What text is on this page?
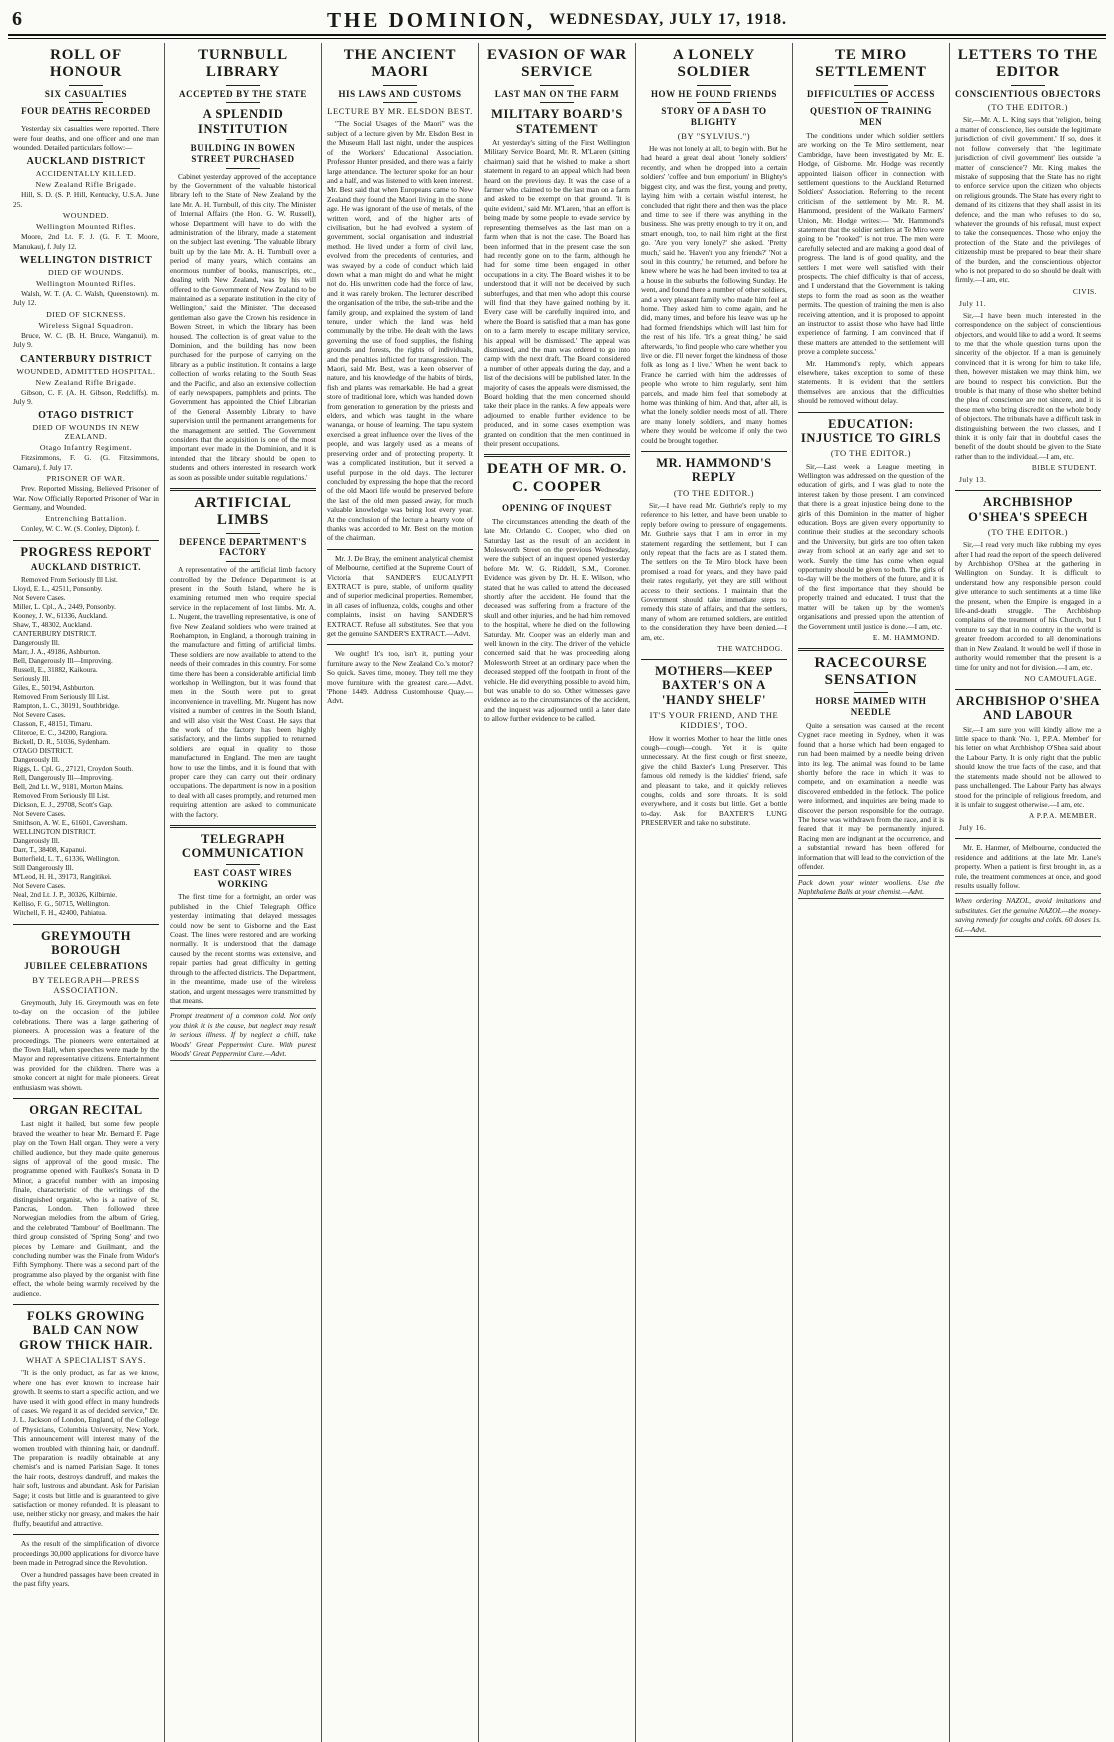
6	THE DOMINION, WEDNESDAY, JULY 17, 1918.
ROLL OF HONOUR
SIX CASUALTIES
FOUR DEATHS RECORDED

Yesterday six casualties were reported. There were four deaths, and one officer and one man wounded. Detailed particulars follow:—

AUCKLAND DISTRICT
ACCIDENTALLY KILLED.
New Zealand Rifle Brigade.

Hill, S. D. (S. P. Hill, Kentucky, U.S.A. June 25.

WOUNDED.
Wellington Mounted Rifles.

Moore, 2nd Lt. F. J. (G. F. T. Moore, Manukau), f. July 12.

WELLINGTON DISTRICT
DIED OF WOUNDS.
Wellington Mounted Rifles.

Walsh, W. T. (A. C. Walsh, Queenstown). m. July 12.

DIED OF SICKNESS.
Wireless Signal Squadron.

Bruce, W. C. (B. H. Bruce, Wanganui). m. July 9.

CANTERBURY DISTRICT
WOUNDED, ADMITTED HOSPITAL.
New Zealand Rifle Brigade.

Gibson, C. F. (A. H. Gibson, Redcliffs). m. July 9.

OTAGO DISTRICT
DIED OF WOUNDS IN NEW ZEALAND.
Otago Infantry Regiment.

Fitzsimmons, F. G. (G. Fitzsimmons, Oamaru), f. July 17.

PRISONER OF WAR.

Prev. Reported Missing, Believed Prisoner of War. Now Officially Reported Prisoner of War in Germany, and Wounded.

Entrenching Battalion.

Conley, W. C. W. (S. Conley, Dipton). f.

PROGRESS REPORT
AUCKLAND DISTRICT.

Removed From Seriously Ill List.
Lloyd, E. L., 42511, Ponsonby.
Not Severe Cases.
Miller, L. Cpl., A., 2449, Ponsonby.
Kooney, J. W., 61336, Auckland.
Shaw, T., 48302, Auckland.
CANTERBURY DISTRICT.
Dangerously Ill.
Marr, J. A., 49186, Ashburton.
Bell, Dangerously Ill—Improving.
Russell, E., 31882, Kaikoura.
Seriously Ill.
Giles, E., 50194, Ashburton.
Removed From Seriously Ill List.
Rampton, L. C., 30191, Southbridge.
Not Severe Cases.
Classon, F., 48151, Timaru.
Cliteroe, E. C., 34200, Rangiora.
Bickell, D. R., 51036, Sydenham.
OTAGO DISTRICT.
Dangerously Ill.
Riggs, L. Cpl. G., 27121, Croydon South.
Rell, Dangerously Ill—Improving.
Bell, 2nd Lt. W., 9181, Morton Mains.
Removed From Seriously Ill List.
Dickson, E. J., 29708, Scott's Gap.
Not Severe Cases.
Smithson, A. W. E., 61601, Caversham.
WELLINGTON DISTRICT.
Dangerously Ill.
Darr, T., 38408, Kapanui.
Butterfield, L. T., 61336, Wellington.
Still Dangerously Ill.
M'Leod, H. H., 39173, Rangitikei.
Not Severe Cases.
Neal, 2nd Lt. J. P., 30326, Kilbirnie.
Kelliso, F. G., 50715, Wellington.
Witchell, F. H., 42400, Pahiatua.

GREYMOUTH BOROUGH
JUBILEE CELEBRATIONS
BY TELEGRAPH—PRESS ASSOCIATION.

Greymouth, July 16. Greymouth was en fete to-day on the occasion of the jubilee celebrations. There was a large gathering of pioneers. A procession was a feature of the proceedings. The pioneers were entertained at the Town Hall, when speeches were made by the Mayor and representative citizens. Entertainment was provided for the children. There was a smoke concert at night for male pioneers. Great enthusiasm was shown.

ORGAN RECITAL

Last night it hailed, but some few people braved the weather to hear Mr. Bernard F. Page play on the Town Hall organ. They were a very chilled audience, but they made quite generous signs of approval of the good music. The programme opened with Faulkes's Sonata in D Minor, a graceful number with an imposing finale, characteristic of the writings of the distinguished organist, who is a native of St. Pancras, London. Then followed three Norwegian melodies from the album of Grieg, and the celebrated 'Tambour' of Boellmann. The third group consisted of 'Spring Song' and two pieces by Lemare and Guilmant, and the concluding number was the Finale from Widor's Fifth Symphony. There was a second part of the programme also played by the organist with fine effect, the whole being warmly received by the audience.

FOLKS GROWING BALD CAN NOW GROW THICK HAIR.
WHAT A SPECIALIST SAYS.

"It is the only product, as far as we know, where one has ever known to increase hair growth. It seems to start a specific action, and we have used it with good effect in many hundreds of cases. We regard it as of decided service," Dr. J. L. Jackson of London, England, of the College of Physicians, Columbia University, New York. This announcement will interest many of the women troubled with thinning hair, or dandruff. The preparation is readily obtainable at any chemist's and is named Parisian Sage. It tones the hair roots, destroys dandruff, and makes the hair soft, lustrous and abundant. Ask for Parisian Sage; it costs but little and is guaranteed to give satisfaction or money refunded. It is pleasant to use, neither sticky nor greasy, and makes the hair fluffy, beautiful and attractive.

As the result of the simplification of divorce proceedings 30,000 applications for divorce have been made in Petrograd since the Revolution.

Over a hundred passages have been created in the past fifty years.

TURNBULL LIBRARY
ACCEPTED BY THE STATE
A SPLENDID INSTITUTION
BUILDING IN BOWEN STREET PURCHASED

Cabinet yesterday approved of the acceptance by the Government of the valuable historical library left to the State of New Zealand by the late Mr. A. H. Turnbull, of this city. The Minister of Internal Affairs (the Hon. G. W. Russell), whose Department will have to do with the administration of the library, made a statement on the subject last evening. 'The valuable library built up by the late Mr. A. H. Turnbull over a period of many years, which contains an enormous number of books, manuscripts, etc., dealing with New Zealand, was by his will offered to the Government of New Zealand to be maintained as a separate institution in the city of Wellington,' said the Minister. 'The deceased gentleman also gave the Crown his residence in Bowen Street, in which the library has been housed. The collection is of great value to the Dominion, and the building has now been purchased for the purpose of carrying on the library as a public institution. It contains a large collection of works relating to the South Seas and the Pacific, and also an extensive collection of early newspapers, pamphlets and prints. The Government has appointed the Chief Librarian of the General Assembly Library to have supervision until the permanent arrangements for the management are settled. The Government considers that the acquisition is one of the most important ever made in the Dominion, and it is intended that the library should be open to students and others interested in research work as soon as possible under suitable regulations.'

ARTIFICIAL LIMBS
DEFENCE DEPARTMENT'S FACTORY

A representative of the artificial limb factory controlled by the Defence Department is at present in the South Island, where he is examining returned men who require special service in the replacement of lost limbs. Mr. A. L. Nugent, the travelling representative, is one of five New Zealand soldiers who were trained at Roehampton, in England, a thorough training in the manufacture and fitting of artificial limbs. These soldiers are now available to attend to the needs of their comrades in this country. For some time there has been a considerable artificial limb workshop in Wellington, but it was found that men in the South were put to great inconvenience in travelling. Mr. Nugent has now visited a number of centres in the South Island, and will also visit the West Coast. He says that the work of the factory has been highly satisfactory, and the limbs supplied to returned soldiers are equal in quality to those manufactured in England. The men are taught how to use the limbs, and it is found that with proper care they can carry out their ordinary occupations. The department is now in a position to deal with all cases promptly, and returned men requiring attention are asked to communicate with the factory.

TELEGRAPH COMMUNICATION
EAST COAST WIRES WORKING

The first time for a fortnight, an order was published in the Chief Telegraph Office yesterday intimating that delayed messages could now be sent to Gisborne and the East Coast. The lines were restored and are working normally. It is understood that the damage caused by the recent storms was extensive, and repair parties had great difficulty in getting through to the affected districts. The Department, in the meantime, made use of the wireless station, and urgent messages were transmitted by that means.

Prompt treatment of a common cold. Not only you think it is the cause, but neglect may result in serious illness. If by neglect a chill, take Woods' Great Peppermint Cure. With purest Woods' Great Peppermint Cure.—Advt.

THE ANCIENT MAORI
HIS LAWS AND CUSTOMS
LECTURE BY MR. ELSDON BEST.

"The Social Usages of the Maori" was the subject of a lecture given by Mr. Elsdon Best in the Museum Hall last night, under the auspices of the Workers' Educational Association. Professor Hunter presided, and there was a fairly large attendance. The lecturer spoke for an hour and a half, and was listened to with keen interest. Mr. Best said that when Europeans came to New Zealand they found the Maori living in the stone age. He was ignorant of the use of metals, of the written word, and of the higher arts of civilisation, but he had evolved a system of government, social organisation and industrial method. He lived under a form of civil law, evolved from the precedents of centuries, and was swayed by a code of conduct which laid down what a man might do and what he might not do. His unwritten code had the force of law, and it was rarely broken. The lecturer described the organisation of the tribe, the sub-tribe and the family group, and explained the system of land tenure, under which the land was held communally by the tribe. He dealt with the laws governing the use of food supplies, the fishing grounds and forests, the rights of individuals, and the penalties inflicted for transgression. The Maori, said Mr. Best, was a keen observer of nature, and his knowledge of the habits of birds, fish and plants was remarkable. He had a great store of traditional lore, which was handed down from generation to generation by the priests and elders, and which was taught in the whare wananga, or house of learning. The tapu system exercised a great influence over the lives of the people, and was largely used as a means of preserving order and of protecting property. It was a complicated institution, but it served a useful purpose in the old days. The lecturer concluded by expressing the hope that the record of the old Maori life would be preserved before the last of the old men passed away, for much valuable knowledge was being lost every year. At the conclusion of the lecture a hearty vote of thanks was accorded to Mr. Best on the motion of the chairman.

Mr. J. De Bray, the eminent analytical chemist of Melbourne, certified at the Supreme Court of Victoria that SANDER'S EUCALYPTI EXTRACT is pure, stable, of uniform quality and of superior medicinal properties. Remember, in all cases of influenza, colds, coughs and other complaints, insist on having SANDER'S EXTRACT. Refuse all substitutes. See that you get the genuine SANDER'S EXTRACT.—Advt.

We ought! It's too, isn't it, putting your furniture away to the New Zealand Co.'s motor? So quick. Saves time, money. They tell me they move furniture with the greatest care.—Advt. 'Phone 1449. Address Customhouse Quay.—Advt.

EVASION OF WAR SERVICE
LAST MAN ON THE FARM
MILITARY BOARD'S STATEMENT

At yesterday's sitting of the First Wellington Military Service Board, Mr. R. M'Laren (sitting chairman) said that he wished to make a short statement in regard to an appeal which had been heard on the previous day. It was the case of a farmer who claimed to be the last man on a farm and asked to be exempt on that ground. 'It is quite evident,' said Mr. M'Laren, 'that an effort is being made by some people to evade service by representing themselves as the last man on a farm when that is not the case. The Board has been informed that in the present case the son had recently gone on to the farm, although he had for some time been engaged in other occupations in a city. The Board wishes it to be understood that it will not be deceived by such subterfuges, and that men who adopt this course will find that they have gained nothing by it. Every case will be carefully inquired into, and where the Board is satisfied that a man has gone on to a farm merely to escape military service, his appeal will be dismissed.' The appeal was dismissed, and the man was ordered to go into camp with the next draft. The Board considered a number of other appeals during the day, and a list of the decisions will be published later. In the majority of cases the appeals were dismissed, the Board holding that the men concerned should take their place in the ranks. A few appeals were adjourned to enable further evidence to be produced, and in some cases exemption was granted on condition that the men continued in their present occupations.

DEATH OF MR. O. C. COOPER
OPENING OF INQUEST

The circumstances attending the death of the late Mr. Orlando C. Cooper, who died on Saturday last as the result of an accident in Molesworth Street on the previous Wednesday, were the subject of an inquest opened yesterday before Mr. W. G. Riddell, S.M., Coroner. Evidence was given by Dr. H. E. Wilson, who stated that he was called to attend the deceased shortly after the accident. He found that the deceased was suffering from a fracture of the skull and other injuries, and he had him removed to the hospital, where he died on the following Saturday. Mr. Cooper was an elderly man and well known in the city. The driver of the vehicle concerned said that he was proceeding along Molesworth Street at an ordinary pace when the deceased stepped off the footpath in front of the vehicle. He did everything possible to avoid him, but was unable to do so. Other witnesses gave evidence as to the circumstances of the accident, and the inquest was adjourned until a later date to allow further evidence to be called.

A LONELY SOLDIER
HOW HE FOUND FRIENDS
STORY OF A DASH TO BLIGHTY
(BY "SYLVIUS.")

He was not lonely at all, to begin with. But he had heard a great deal about 'lonely soldiers' recently, and when he dropped into a certain soldiers' 'coffee and bun emporium' in Blighty's biggest city, and was the first, young and pretty, laying him with a certain wistful interest, he concluded that right there and then was the place and time to see if there was anything in the business. She was pretty enough to try it on, and smart enough, too, to nail him right at the first go. 'Are you very lonely?' she asked. 'Pretty much,' said he. 'Haven't you any friends?' 'Not a soul in this country,' he returned, and before he knew where he was he had been invited to tea at a house in the suburbs the following Sunday. He went, and found there a number of other soldiers, and a very pleasant family who made him feel at home. They asked him to come again, and he did, many times, and before his leave was up he had formed friendships which will last him for the rest of his life. 'It's a great thing,' he said afterwards, 'to find people who care whether you live or die. I'll never forget the kindness of those folk as long as I live.' When he went back to France he carried with him the addresses of people who wrote to him regularly, sent him parcels, and made him feel that somebody at home was thinking of him. And that, after all, is what the lonely soldier needs most of all. There are many lonely soldiers, and many homes where they would be welcome if only the two could be brought together.

MR. HAMMOND'S REPLY
(TO THE EDITOR.)

Sir,—I have read Mr. Guthrie's reply to my reference to his letter, and have been unable to reply before owing to pressure of engagements. Mr. Guthrie says that I am in error in my statement regarding the settlement, but I can only repeat that the facts are as I stated them. The settlers on the Te Miro block have been promised a road for years, and they have paid their rates regularly, yet they are still without access to their sections. I maintain that the Government should take immediate steps to remedy this state of affairs, and that the settlers, many of whom are returned soldiers, are entitled to the consideration they have been denied.—I am, etc.

THE WATCHDOG.
MOTHERS—KEEP BAXTER'S ON A 'HANDY SHELF'
IT'S YOUR FRIEND, AND THE KIDDIES', TOO.

How it worries Mother to hear the little ones cough—cough—cough. Yet it is quite unnecessary. At the first cough or first sneeze, give the child Baxter's Lung Preserver. This famous old remedy is the kiddies' friend, safe and pleasant to take, and it quickly relieves coughs, colds and sore throats. It is sold everywhere, and it costs but little. Get a bottle to-day. Ask for BAXTER'S LUNG PRESERVER and take no substitute.

TE MIRO SETTLEMENT
DIFFICULTIES OF ACCESS
QUESTION OF TRAINING MEN

The conditions under which soldier settlers are working on the Te Miro settlement, near Cambridge, have been investigated by Mr. E. Hodge, of Gisborne. Mr. Hodge was recently appointed liaison officer in connection with settlement questions to the Auckland Returned Soldiers' Association. Referring to the recent criticism of the settlement by Mr. R. M. Hammond, president of the Waikato Farmers' Union, Mr. Hodge writes:— 'Mr. Hammond's statement that the soldier settlers at Te Miro were going to be "rooked" is not true. The men were carefully selected and are making a good deal of progress. The land is of good quality, and the settlers I met were well satisfied with their prospects. The chief difficulty is that of access, and I understand that the Government is taking steps to form the road as soon as the weather permits. The question of training the men is also receiving attention, and it is proposed to appoint an instructor to assist those who have had little experience of farming. I am convinced that if these matters are attended to the settlement will prove a complete success.'

Mr. Hammond's reply, which appears elsewhere, takes exception to some of these statements. It is evident that the settlers themselves are anxious that the difficulties should be removed without delay.

EDUCATION: INJUSTICE TO GIRLS
(TO THE EDITOR.)

Sir,—Last week a League meeting in Wellington was addressed on the question of the education of girls, and I was glad to note the interest taken by those present. I am convinced that there is a great injustice being done to the girls of this Dominion in the matter of higher education. Boys are given every opportunity to continue their studies at the secondary schools and the University, but girls are too often taken away from school at an early age and set to work. Surely the time has come when equal opportunity should be given to both. The girls of to-day will be the mothers of the future, and it is of the first importance that they should be properly trained and educated. I trust that the matter will be taken up by the women's organisations and pressed upon the attention of the Government until justice is done.—I am, etc.

E. M. HAMMOND.
RACECOURSE SENSATION
HORSE MAIMED WITH NEEDLE

Quite a sensation was caused at the recent Cygnet race meeting in Sydney, when it was found that a horse which had been engaged to run had been maimed by a needle being driven into its leg. The animal was found to be lame shortly before the race in which it was to compete, and on examination a needle was discovered embedded in the fetlock. The police were informed, and inquiries are being made to discover the person responsible for the outrage. The horse was withdrawn from the race, and it is feared that it may be permanently injured. Racing men are indignant at the occurrence, and a substantial reward has been offered for information that will lead to the conviction of the offender.

Pack down your winter woollens. Use the Naphthalene Balls at your chemist.—Advt.

LETTERS TO THE EDITOR
CONSCIENTIOUS OBJECTORS
(TO THE EDITOR.)

Sir,—Mr. A. L. King says that 'religion, being a matter of conscience, lies outside the legitimate jurisdiction of civil government.' If so, does it not follow conversely that 'the legitimate jurisdiction of civil government' lies outside 'a matter of conscience'? Mr. King makes the mistake of supposing that the State has no right to enforce service upon the citizen who objects on religious grounds. The State has every right to demand of its citizens that they shall assist in its defence, and the man who refuses to do so, whatever the grounds of his refusal, must expect to take the consequences. Those who enjoy the protection of the State and the privileges of citizenship must be prepared to bear their share of the burden, and the conscientious objector who is not prepared to do so should be dealt with firmly.—I am, etc.

CIVIS.
July 11.

Sir,—I have been much interested in the correspondence on the subject of conscientious objectors, and would like to add a word. It seems to me that the whole question turns upon the sincerity of the objector. If a man is genuinely convinced that it is wrong for him to take life, then, however mistaken we may think him, we are bound to respect his conviction. But the trouble is that many of those who shelter behind the plea of conscience are not sincere, and it is these men who bring discredit on the whole body of objectors. The tribunals have a difficult task in distinguishing between the two classes, and I think it is only fair that in doubtful cases the benefit of the doubt should be given to the State rather than to the individual.—I am, etc.

BIBLE STUDENT.
July 13.
ARCHBISHOP O'SHEA'S SPEECH
(TO THE EDITOR.)

Sir,—I read very much like rubbing my eyes after I had read the report of the speech delivered by Archbishop O'Shea at the gathering in Wellington on Sunday. It is difficult to understand how any responsible person could give utterance to such sentiments at a time like the present, when the Empire is engaged in a life-and-death struggle. The Archbishop complains of the treatment of his Church, but I venture to say that in no country in the world is greater freedom accorded to all denominations than in New Zealand. It would be well if those in authority would remember that the present is a time for unity and not for division.—I am, etc.

NO CAMOUFLAGE.
ARCHBISHOP O'SHEA AND LABOUR

Sir,—I am sure you will kindly allow me a little space to thank 'No. 1, P.P.A. Member' for his letter on what Archbishop O'Shea said about the Labour Party. It is only right that the public should know the true facts of the case, and that the statements made should not be allowed to pass unchallenged. The Labour Party has always stood for the principle of religious freedom, and it is unfair to suggest otherwise.—I am, etc.

A P.P.A. MEMBER.
July 16.

Mr. E. Hanmer, of Melbourne, conducted the residence and additions at the late Mr. Lane's property. When a patient is first brought in, as a rule, the treatment commences at once, and good results usually follow.

When ordering NAZOL, avoid imitations and substitutes. Get the genuine NAZOL—the money-saving remedy for coughs and colds. 60 doses 1s. 6d.—Advt.
